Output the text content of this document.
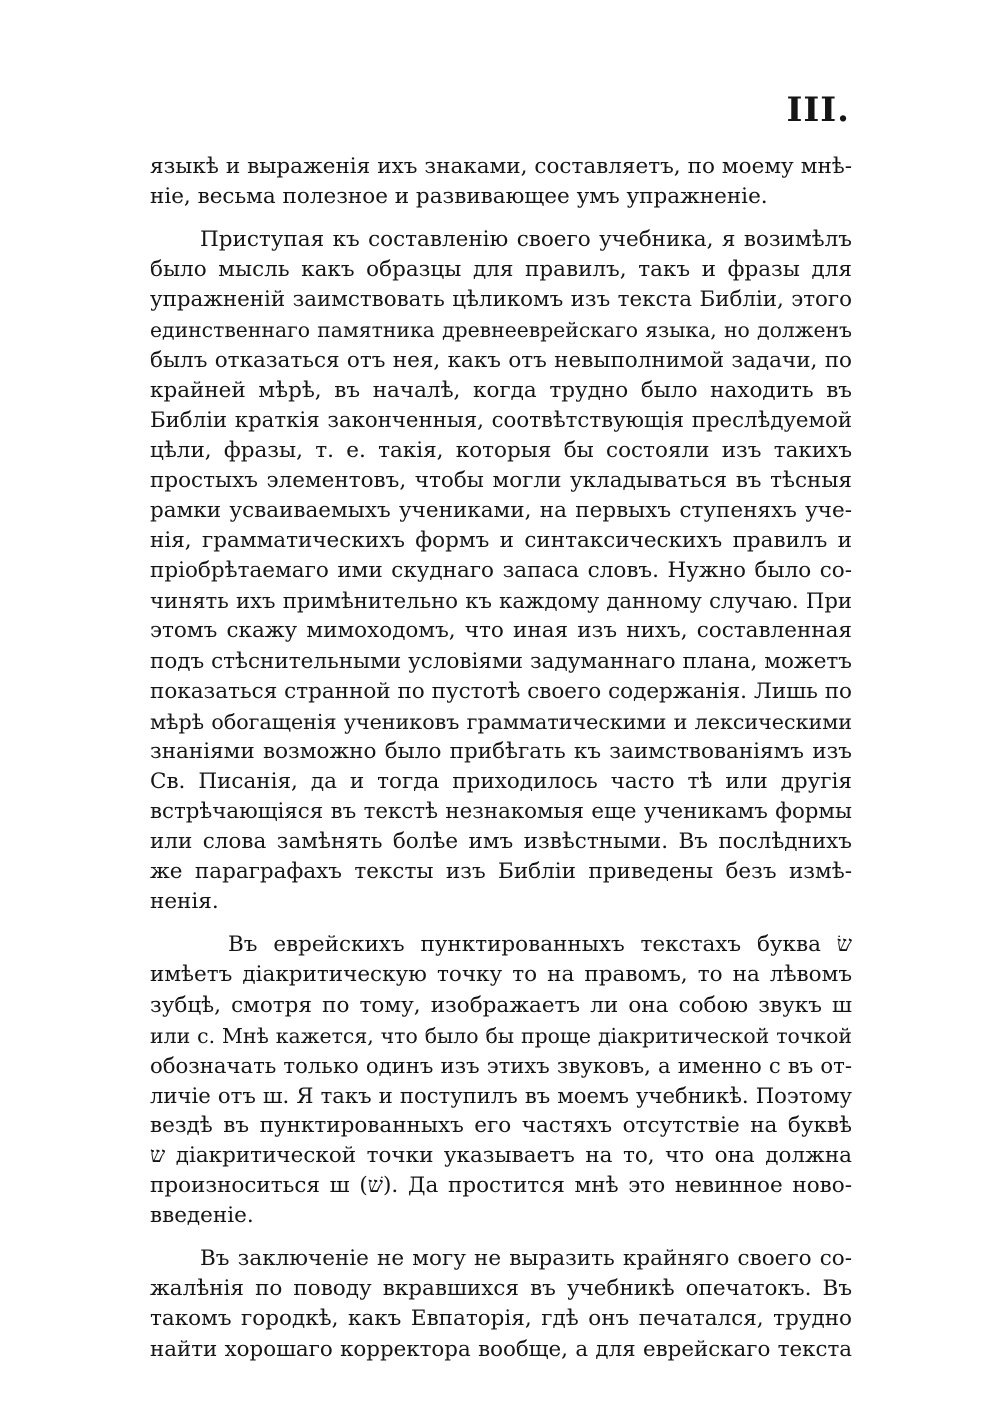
III.
языкѣ и выраженія ихъ знаками, составляетъ, по моему мнѣ-
ніе, весьма полезное и развивающее умъ упражненіе.
Приступая къ составленію своего учебника, я возимѣлъ
было мысль какъ образцы для правилъ, такъ и фразы для
упражненій заимствовать цѣликомъ изъ текста Библіи, этого
единственнаго памятника древнееврейскаго языка, но долженъ
былъ отказаться отъ нея, какъ отъ невыполнимой задачи, по
крайней мѣрѣ, въ началѣ, когда трудно было находить въ
Библіи краткія законченныя, соотвѣтствующія преслѣдуемой
цѣли, фразы, т. е. такія, которыя бы состояли изъ такихъ
простыхъ элементовъ, чтобы могли укладываться въ тѣсныя
рамки усваиваемыхъ учениками, на первыхъ ступеняхъ уче-
нія, грамматическихъ формъ и синтаксическихъ правилъ и
пріобрѣтаемаго ими скуднаго запаса словъ. Нужно было со-
чинять ихъ примѣнительно къ каждому данному случаю. При
этомъ скажу мимоходомъ, что иная изъ нихъ, составленная
подъ стѣснительными условіями задуманнаго плана, можетъ
показаться странной по пустотѣ своего содержанія. Лишь по
мѣрѣ обогащенія учениковъ грамматическими и лексическими
знаніями возможно было прибѣгать къ заимствованіямъ изъ
Св. Писанія, да и тогда приходилось часто тѣ или другія
встрѣчающіяся въ текстѣ незнакомыя еще ученикамъ формы
или слова замѣнять болѣе имъ извѣстными. Въ послѣднихъ
же параграфахъ тексты изъ Библіи приведены безъ измѣ-
ненія.
Въ еврейскихъ пунктированныхъ текстахъ буква שׂ
имѣетъ діакритическую точку то на правомъ, то на лѣвомъ
зубцѣ, смотря по тому, изображаетъ ли она собою звукъ ш
или с. Мнѣ кажется, что было бы проще діакритической точкой
обозначать только одинъ изъ этихъ звуковъ, а именно с въ от-
личіе отъ ш. Я такъ и поступилъ въ моемъ учебникѣ. Поэтому
вездѣ въ пунктированныхъ его частяхъ отсутствіе на буквѣ
ש діакритической точки указываетъ на то, что она должна
произноситься ш (שׁ). Да простится мнѣ это невинное ново-
введеніе.
Въ заключеніе не могу не выразить крайняго своего со-
жалѣнія по поводу вкравшихся въ учебникѣ опечатокъ. Въ
такомъ городкѣ, какъ Евпаторія, гдѣ онъ печатался, трудно
найти хорошаго корректора вообще, а для еврейскаго текста
